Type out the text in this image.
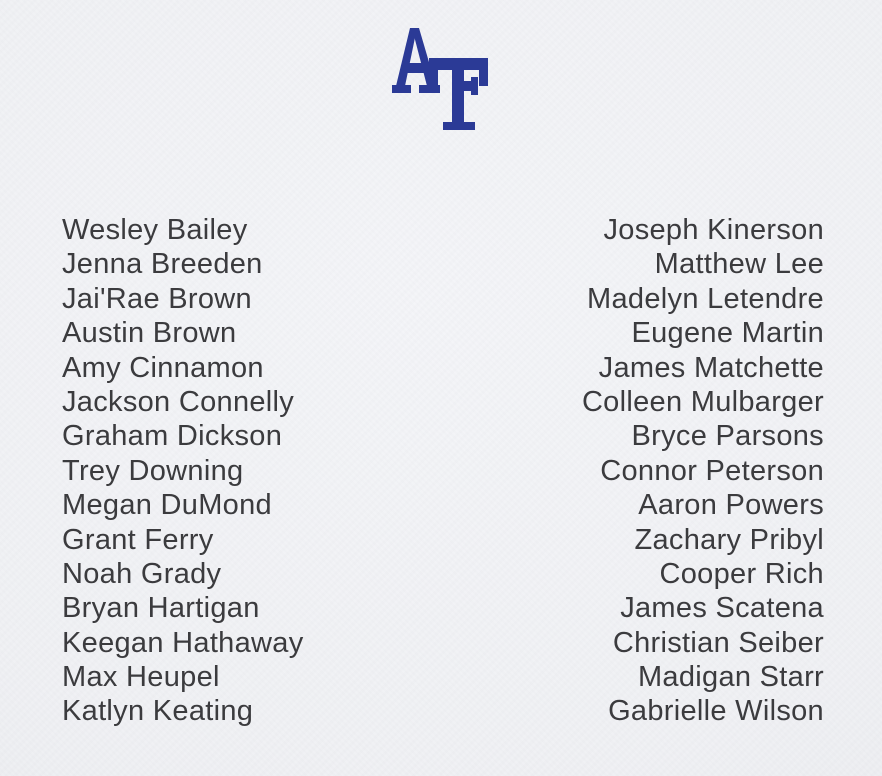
Wesley Bailey
Jenna Breeden
Jai'Rae Brown
Austin Brown
Amy Cinnamon
Jackson Connelly
Graham Dickson
Trey Downing
Megan DuMond
Grant Ferry
Noah Grady
Bryan Hartigan
Keegan Hathaway
Max Heupel
Katlyn Keating
Joseph Kinerson
Matthew Lee
Madelyn Letendre
Eugene Martin
James Matchette
Colleen Mulbarger
Bryce Parsons
Connor Peterson
Aaron Powers
Zachary Pribyl
Cooper Rich
James Scatena
Christian Seiber
Madigan Starr
Gabrielle Wilson
